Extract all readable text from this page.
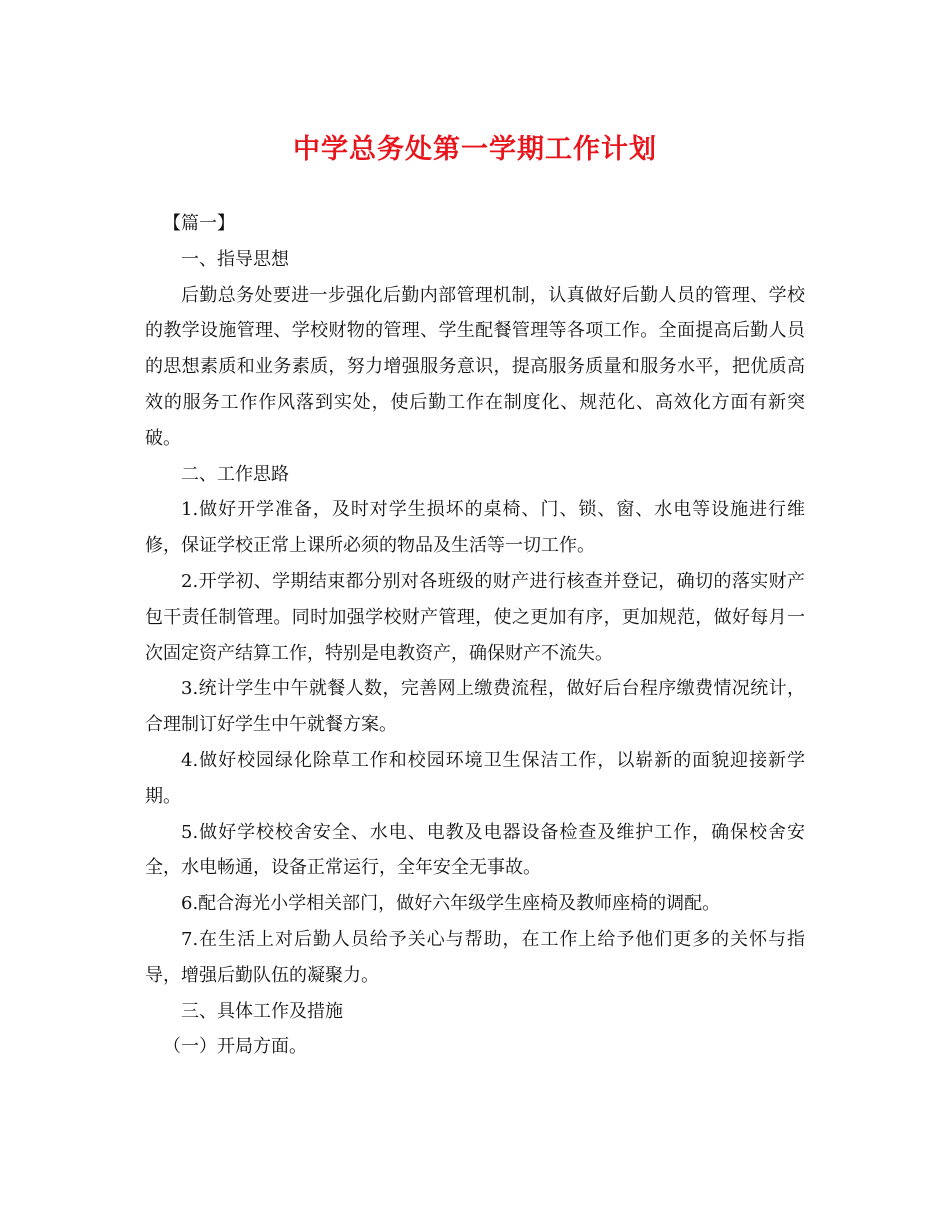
中学总务处第一学期工作计划

【篇一】

一、指导思想

后勤总务处要进一步强化后勤内部管理机制，认真做好后勤人员的管理、学校的教学设施管理、学校财物的管理、学生配餐管理等各项工作。全面提高后勤人员的思想素质和业务素质，努力增强服务意识，提高服务质量和服务水平，把优质高效的服务工作作风落到实处，使后勤工作在制度化、规范化、高效化方面有新突破。

二、工作思路

1.做好开学准备，及时对学生损坏的桌椅、门、锁、窗、水电等设施进行维修，保证学校正常上课所必须的物品及生活等一切工作。

2.开学初、学期结束都分别对各班级的财产进行核查并登记，确切的落实财产包干责任制管理。同时加强学校财产管理，使之更加有序，更加规范，做好每月一次固定资产结算工作，特别是电教资产，确保财产不流失。

3.统计学生中午就餐人数，完善网上缴费流程，做好后台程序缴费情况统计，合理制订好学生中午就餐方案。

4.做好校园绿化除草工作和校园环境卫生保洁工作，以崭新的面貌迎接新学期。

5.做好学校校舍安全、水电、电教及电器设备检查及维护工作，确保校舍安全，水电畅通，设备正常运行，全年安全无事故。

6.配合海光小学相关部门，做好六年级学生座椅及教师座椅的调配。

7.在生活上对后勤人员给予关心与帮助，在工作上给予他们更多的关怀与指导，增强后勤队伍的凝聚力。

三、具体工作及措施

（一）开局方面。
